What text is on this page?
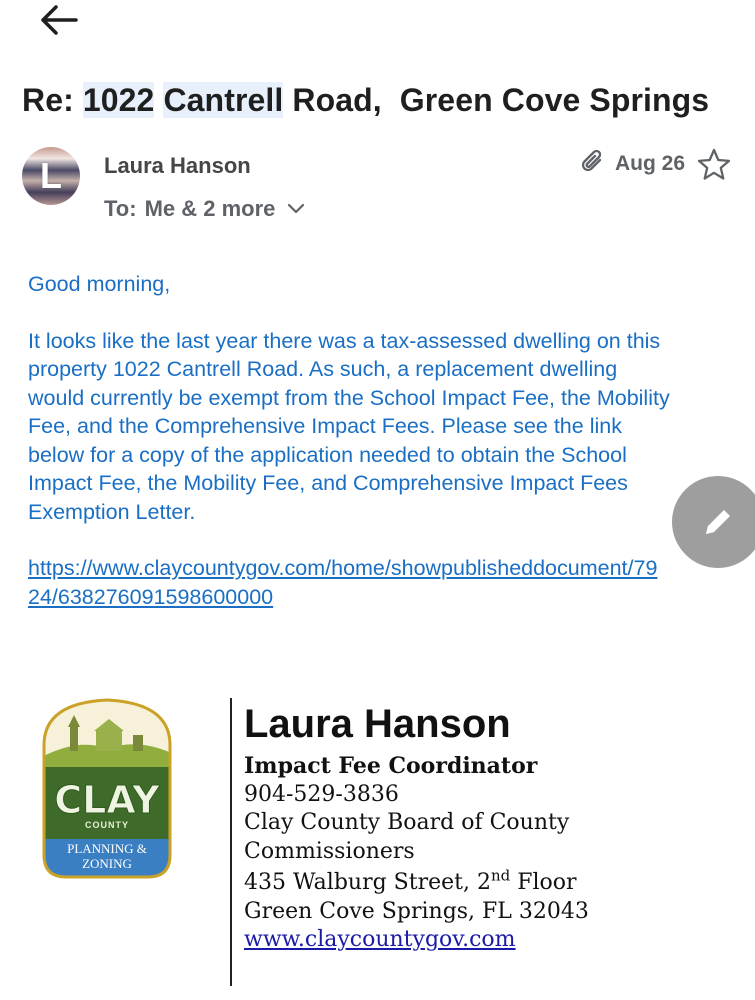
Re: 1022 Cantrell Road,  Green Cove Springs
L	Laura Hanson
To: Me & 2 more
Aug 26
Good morning,
It looks like the last year there was a tax-assessed dwelling on this property 1022 Cantrell Road. As such, a replacement dwelling would currently be exempt from the School Impact Fee, the Mobility Fee, and the Comprehensive Impact Fees. Please see the link below for a copy of the application needed to obtain the School Impact Fee, the Mobility Fee, and Comprehensive Impact Fees Exemption Letter.
https://www.claycountygov.com/home/showpublisheddocument/7924/638276091598600000
CLAY
COUNTY
PLANNING &
ZONING
Laura Hanson
Impact Fee Coordinator
904-529-3836
Clay County Board of County Commissioners
435 Walburg Street, 2nd Floor
Green Cove Springs, FL 32043
www.claycountygov.com
